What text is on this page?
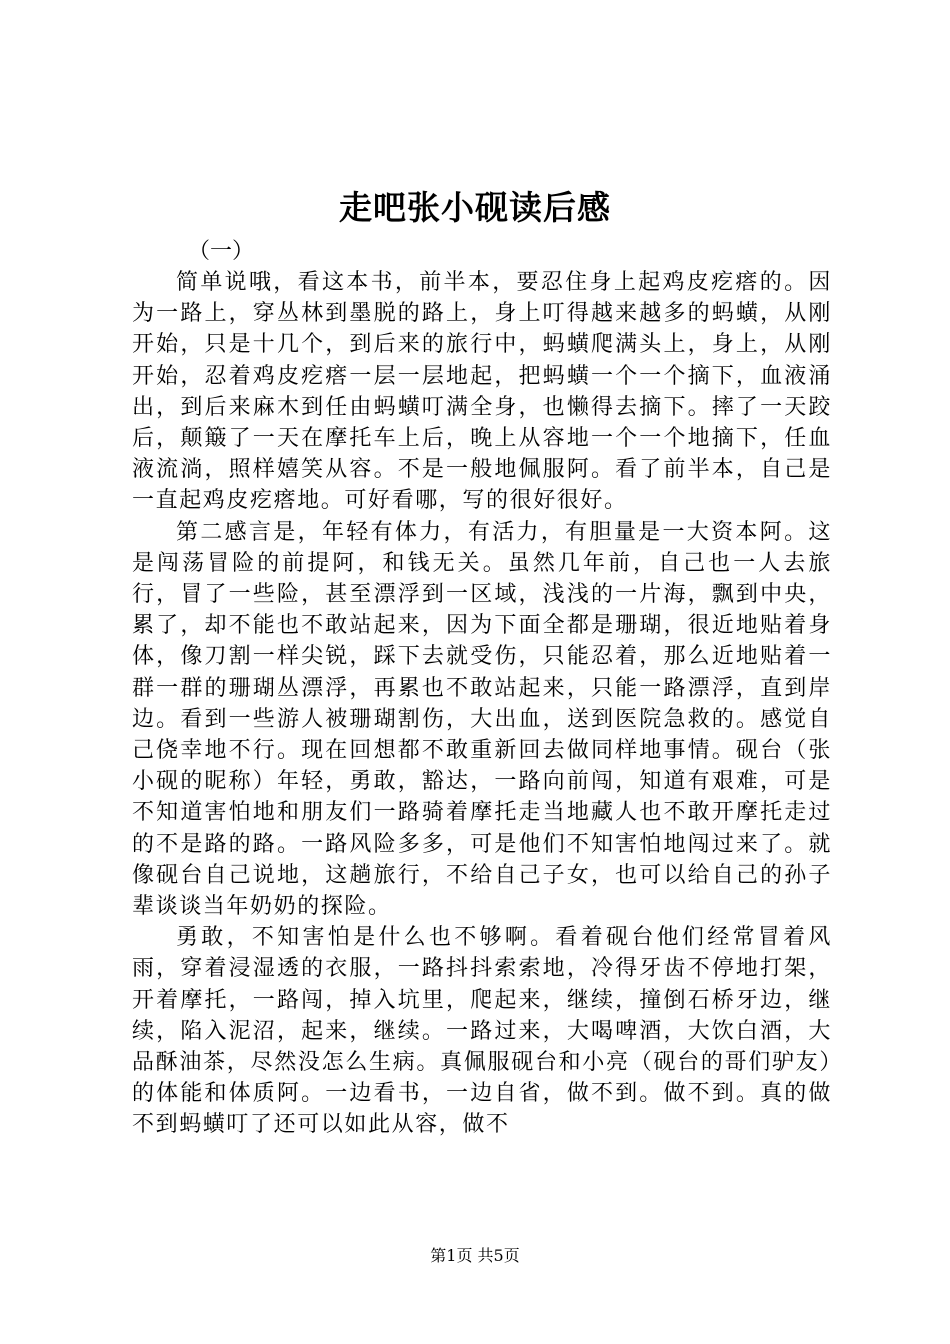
走吧张小砚读后感

（一）

简单说哦，看这本书，前半本，要忍住身上起鸡皮疙瘩的。因为一路上，穿丛林到墨脱的路上，身上叮得越来越多的蚂蟥，从刚开始，只是十几个，到后来的旅行中，蚂蟥爬满头上，身上，从刚开始，忍着鸡皮疙瘩一层一层地起，把蚂蟥一个一个摘下，血液涌出，到后来麻木到任由蚂蟥叮满全身，也懒得去摘下。摔了一天跤后，颠簸了一天在摩托车上后，晚上从容地一个一个地摘下，任血液流淌，照样嬉笑从容。不是一般地佩服阿。看了前半本，自己是一直起鸡皮疙瘩地。可好看哪，写的很好很好。

第二感言是，年轻有体力，有活力，有胆量是一大资本阿。这是闯荡冒险的前提阿，和钱无关。虽然几年前，自己也一人去旅行，冒了一些险，甚至漂浮到一区域，浅浅的一片海，飘到中央，累了，却不能也不敢站起来，因为下面全都是珊瑚，很近地贴着身体，像刀割一样尖锐，踩下去就受伤，只能忍着，那么近地贴着一群一群的珊瑚丛漂浮，再累也不敢站起来，只能一路漂浮，直到岸边。看到一些游人被珊瑚割伤，大出血，送到医院急救的。感觉自己侥幸地不行。现在回想都不敢重新回去做同样地事情。砚台（张小砚的昵称）年轻，勇敢，豁达，一路向前闯，知道有艰难，可是不知道害怕地和朋友们一路骑着摩托走当地藏人也不敢开摩托走过的不是路的路。一路风险多多，可是他们不知害怕地闯过来了。就像砚台自己说地，这趟旅行，不给自己子女，也可以给自己的孙子辈谈谈当年奶奶的探险。

勇敢，不知害怕是什么也不够啊。看着砚台他们经常冒着风雨，穿着浸湿透的衣服，一路抖抖索索地，冷得牙齿不停地打架，开着摩托，一路闯，掉入坑里，爬起来，继续，撞倒石桥牙边，继续，陷入泥沼，起来，继续。一路过来，大喝啤酒，大饮白酒，大品酥油茶，尽然没怎么生病。真佩服砚台和小亮（砚台的哥们驴友）的体能和体质阿。一边看书，一边自省，做不到。做不到。真的做不到蚂蟥叮了还可以如此从容，做不

第1页 共5页
